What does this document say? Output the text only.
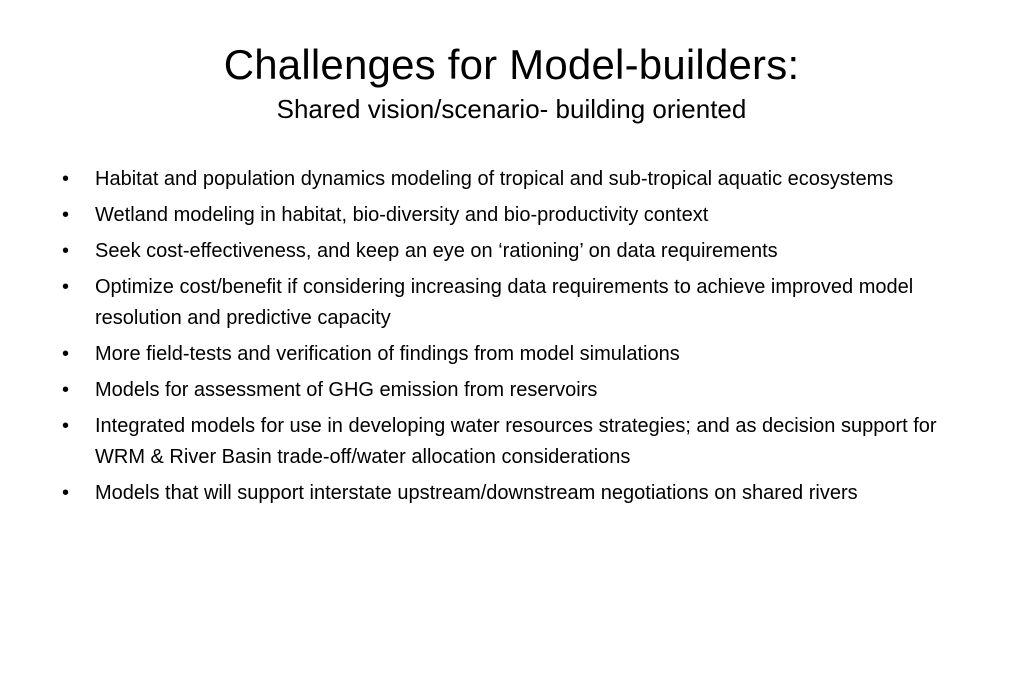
Challenges for Model-builders:

Shared vision/scenario- building oriented

•	Habitat and population dynamics modeling of tropical and sub-tropical aquatic ecosystems
•	Wetland modeling in habitat, bio-diversity and bio-productivity context
•	Seek cost-effectiveness, and keep an eye on ‘rationing’ on data requirements
•	Optimize cost/benefit if considering increasing data requirements to achieve improved model resolution and predictive capacity
•	More field-tests and verification of findings from model simulations
•	Models for assessment of GHG emission from reservoirs
•	Integrated models for use in developing water resources strategies; and as decision support for WRM & River Basin trade-off/water allocation considerations
•	Models that will support interstate upstream/downstream negotiations on shared rivers
